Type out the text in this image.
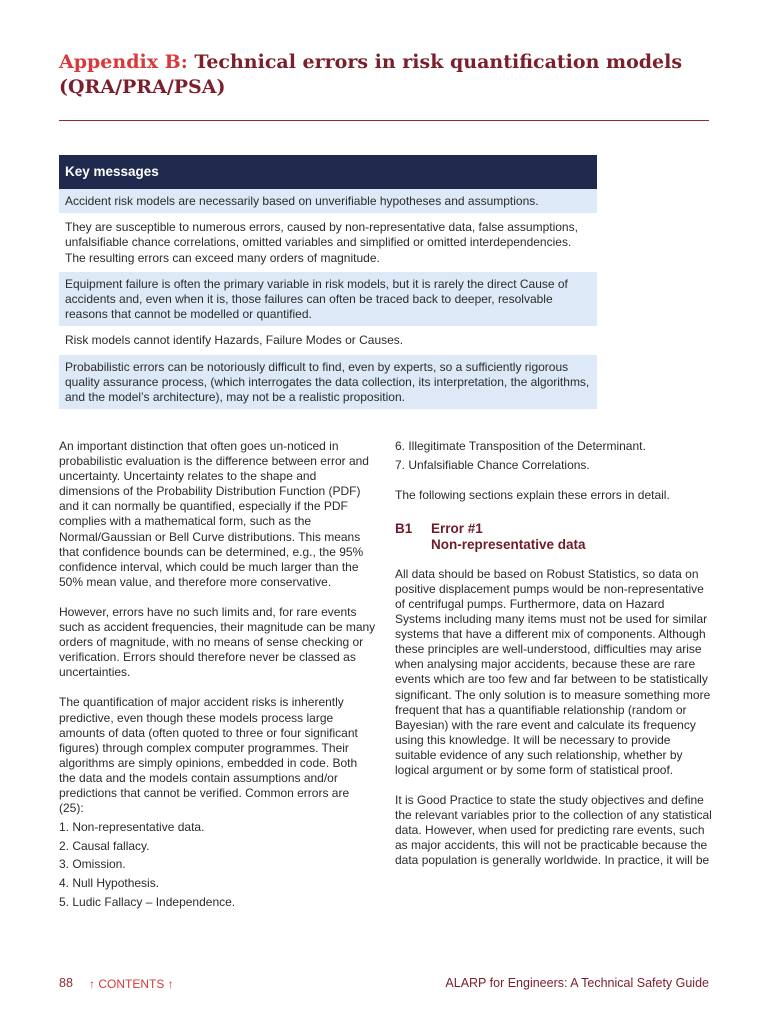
Appendix B: Technical errors in risk quantification models (QRA/PRA/PSA)
Key messages
Accident risk models are necessarily based on unverifiable hypotheses and assumptions.
They are susceptible to numerous errors, caused by non-representative data, false assumptions, unfalsifiable chance correlations, omitted variables and simplified or omitted interdependencies. The resulting errors can exceed many orders of magnitude.
Equipment failure is often the primary variable in risk models, but it is rarely the direct Cause of accidents and, even when it is, those failures can often be traced back to deeper, resolvable reasons that cannot be modelled or quantified.
Risk models cannot identify Hazards, Failure Modes or Causes.
Probabilistic errors can be notoriously difficult to find, even by experts, so a sufficiently rigorous quality assurance process, (which interrogates the data collection, its interpretation, the algorithms, and the model’s architecture), may not be a realistic proposition.

An important distinction that often goes un-noticed in probabilistic evaluation is the difference between error and uncertainty. Uncertainty relates to the shape and dimensions of the Probability Distribution Function (PDF) and it can normally be quantified, especially if the PDF complies with a mathematical form, such as the Normal/Gaussian or Bell Curve distributions. This means that confidence bounds can be determined, e.g., the 95% confidence interval, which could be much larger than the 50% mean value, and therefore more conservative.

However, errors have no such limits and, for rare events such as accident frequencies, their magnitude can be many orders of magnitude, with no means of sense checking or verification. Errors should therefore never be classed as uncertainties.

The quantification of major accident risks is inherently predictive, even though these models process large amounts of data (often quoted to three or four significant figures) through complex computer programmes. Their algorithms are simply opinions, embedded in code. Both the data and the models contain assumptions and/or predictions that cannot be verified. Common errors are (25):

1. Non-representative data.
2. Causal fallacy.
3. Omission.
4. Null Hypothesis.
5. Ludic Fallacy – Independence.
6. Illegitimate Transposition of the Determinant.
7. Unfalsifiable Chance Correlations.

The following sections explain these errors in detail.

B1	Error #1
Non-representative data

All data should be based on Robust Statistics, so data on positive displacement pumps would be non-representative of centrifugal pumps. Furthermore, data on Hazard Systems including many items must not be used for similar systems that have a different mix of components. Although these principles are well-understood, difficulties may arise when analysing major accidents, because these are rare events which are too few and far between to be statistically significant. The only solution is to measure something more frequent that has a quantifiable relationship (random or Bayesian) with the rare event and calculate its frequency using this knowledge. It will be necessary to provide suitable evidence of any such relationship, whether by logical argument or by some form of statistical proof.

It is Good Practice to state the study objectives and define the relevant variables prior to the collection of any statistical data. However, when used for predicting rare events, such as major accidents, this will not be practicable because the data population is generally worldwide. In practice, it will be

88 ↑ CONTENTS ↑	ALARP for Engineers: A Technical Safety Guide
